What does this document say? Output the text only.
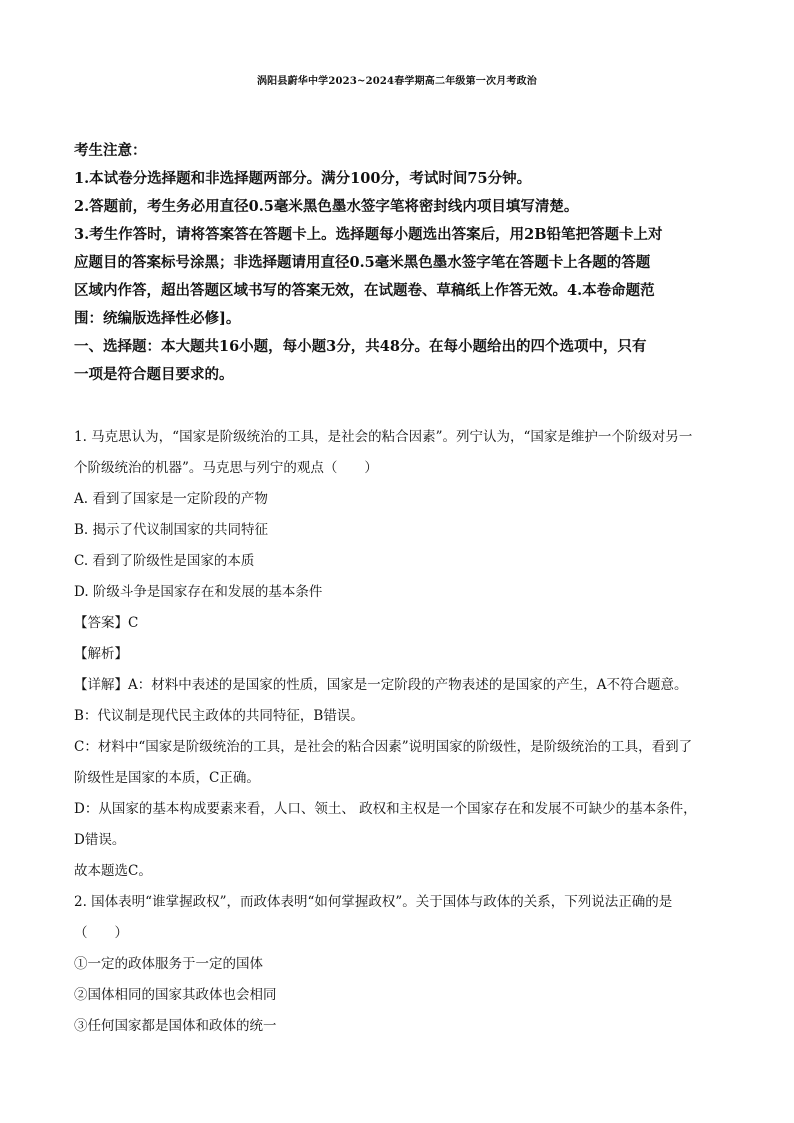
涡阳县蔚华中学2023~2024春学期高二年级第一次月考政治
考生注意：
1.本试卷分选择题和非选择题两部分。满分100分，考试时间75分钟。
2.答题前，考生务必用直径0.5毫米黑色墨水签字笔将密封线内项目填写清楚。
3.考生作答时，请将答案答在答题卡上。选择题每小题选出答案后，用2B铅笔把答题卡上对
应题目的答案标号涂黑；非选择题请用直径0.5毫米黑色墨水签字笔在答题卡上各题的答题
区域内作答，超出答题区域书写的答案无效，在试题卷、草稿纸上作答无效。4.本卷命题范
围：统编版选择性必修]。
一、选择题：本大题共16小题，每小题3分，共48分。在每小题给出的四个选项中，只有
一项是符合题目要求的。
1. 马克思认为，“国家是阶级统治的工具，是社会的粘合因素”。列宁认为，“国家是维护一个阶级对另一
个阶级统治的机器”。马克思与列宁的观点（　　）
A. 看到了国家是一定阶段的产物
B. 揭示了代议制国家的共同特征
C. 看到了阶级性是国家的本质
D. 阶级斗争是国家存在和发展的基本条件
【答案】C
【解析】
【详解】A：材料中表述的是国家的性质，国家是一定阶段的产物表述的是国家的产生，A不符合题意。
B：代议制是现代民主政体的共同特征，B错误。
C：材料中“国家是阶级统治的工具，是社会的粘合因素”说明国家的阶级性，是阶级统治的工具，看到了
阶级性是国家的本质，C正确。
D：从国家的基本构成要素来看，人口、领土、 政权和主权是一个国家存在和发展不可缺少的基本条件，
D错误。
故本题选C。
2. 国体表明“谁掌握政权”，而政体表明“如何掌握政权”。关于国体与政体的关系，下列说法正确的是
（　　）
①一定的政体服务于一定的国体
②国体相同的国家其政体也会相同
③任何国家都是国体和政体的统一
